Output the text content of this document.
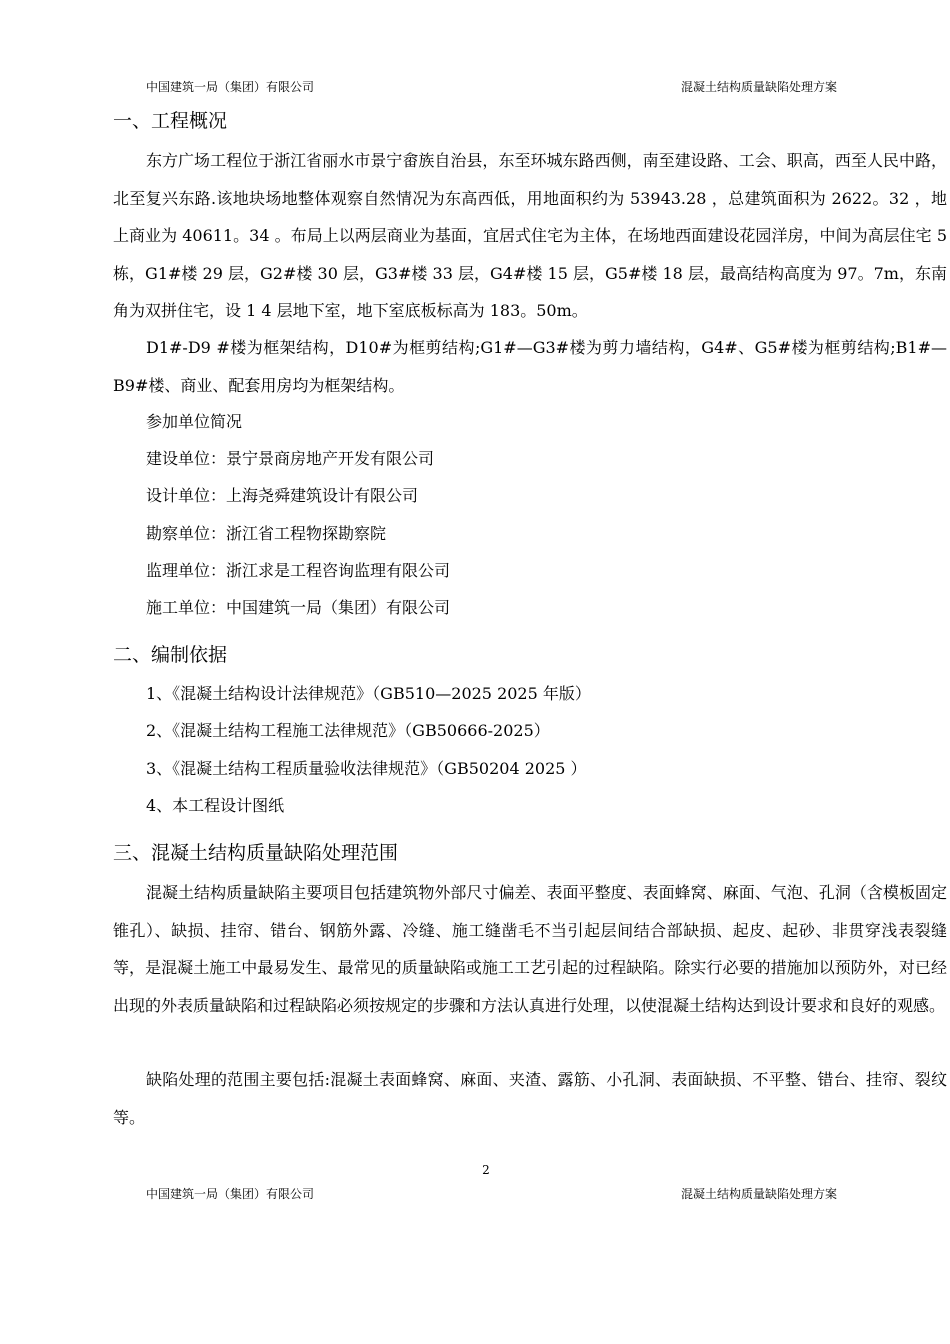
中国建筑一局（集团）有限公司	混凝土结构质量缺陷处理方案
一、工程概况

东方广场工程位于浙江省丽水市景宁畲族自治县，东至环城东路西侧，南至建设路、工会、职高，西至人民中路，北至复兴东路.该地块场地整体观察自然情况为东高西低，用地面积约为 53943.28 ，总建筑面积为 2622。32 ，地上商业为 40611。34 。布局上以两层商业为基面，宜居式住宅为主体，在场地西面建设花园洋房，中间为高层住宅 5 栋，G1#楼 29 层，G2#楼 30 层，G3#楼 33 层，G4#楼 15 层，G5#楼 18 层，最高结构高度为 97。7m，东南角为双拼住宅，设 1 4 层地下室，地下室底板标高为 183。50m。

D1#-D9 #楼为框架结构，D10#为框剪结构;G1#—G3#楼为剪力墙结构，G4#、G5#楼为框剪结构;B1#—B9#楼、商业、配套用房均为框架结构。

参加单位简况
建设单位：景宁景商房地产开发有限公司
设计单位：上海尧舜建筑设计有限公司
勘察单位：浙江省工程物探勘察院
监理单位：浙江求是工程咨询监理有限公司
施工单位：中国建筑一局（集团）有限公司
二、编制依据
1、《混凝土结构设计法律规范》（GB510—2025 2025 年版）
2、《混凝土结构工程施工法律规范》（GB50666-2025）
3、《混凝土结构工程质量验收法律规范》（GB50204 2025 ）
4、本工程设计图纸
三、混凝土结构质量缺陷处理范围

混凝土结构质量缺陷主要项目包括建筑物外部尺寸偏差、表面平整度、表面蜂窝、麻面、气泡、孔洞（含模板固定锥孔）、缺损、挂帘、错台、钢筋外露、冷缝、施工缝凿毛不当引起层间结合部缺损、起皮、起砂、非贯穿浅表裂缝等，是混凝土施工中最易发生、最常见的质量缺陷或施工工艺引起的过程缺陷。除实行必要的措施加以预防外，对已经出现的外表质量缺陷和过程缺陷必须按规定的步骤和方法认真进行处理，以使混凝土结构达到设计要求和良好的观感。

缺陷处理的范围主要包括:混凝土表面蜂窝、麻面、夹渣、露筋、小孔洞、表面缺损、不平整、错台、挂帘、裂纹等。

2
中国建筑一局（集团）有限公司	混凝土结构质量缺陷处理方案
